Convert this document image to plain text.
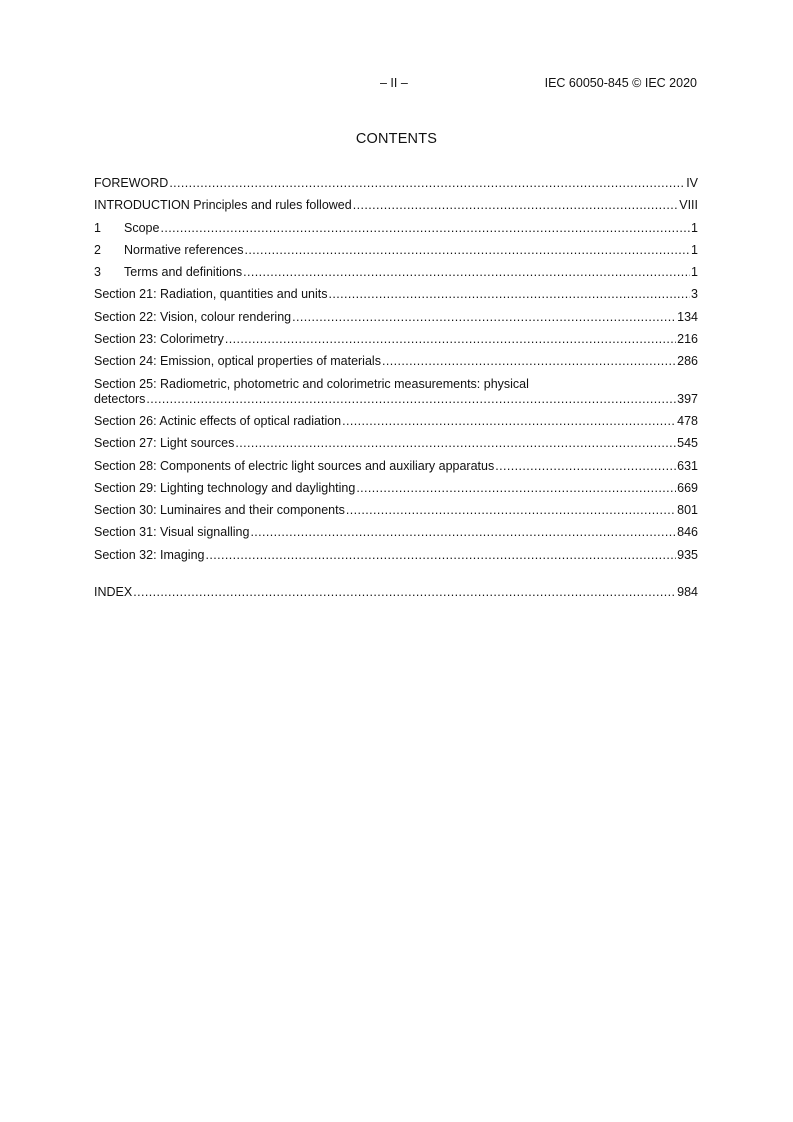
– II –	IEC 60050-845 © IEC 2020
CONTENTS
FOREWORD .....	IV
INTRODUCTION Principles and rules followed .....	VIII
1 Scope .....	1
2 Normative references .....	1
3 Terms and definitions .....	1
Section 21: Radiation, quantities and units .....	3
Section 22: Vision, colour rendering .....	134
Section 23: Colorimetry .....	216
Section 24: Emission, optical properties of materials .....	286
Section 25: Radiometric, photometric and colorimetric measurements: physical
detectors .....	397
Section 26: Actinic effects of optical radiation .....	478
Section 27: Light sources .....	545
Section 28: Components of electric light sources and auxiliary apparatus .....	631
Section 29: Lighting technology and daylighting .....	669
Section 30: Luminaires and their components .....	801
Section 31: Visual signalling .....	846
Section 32: Imaging .....	935
INDEX .....	984
